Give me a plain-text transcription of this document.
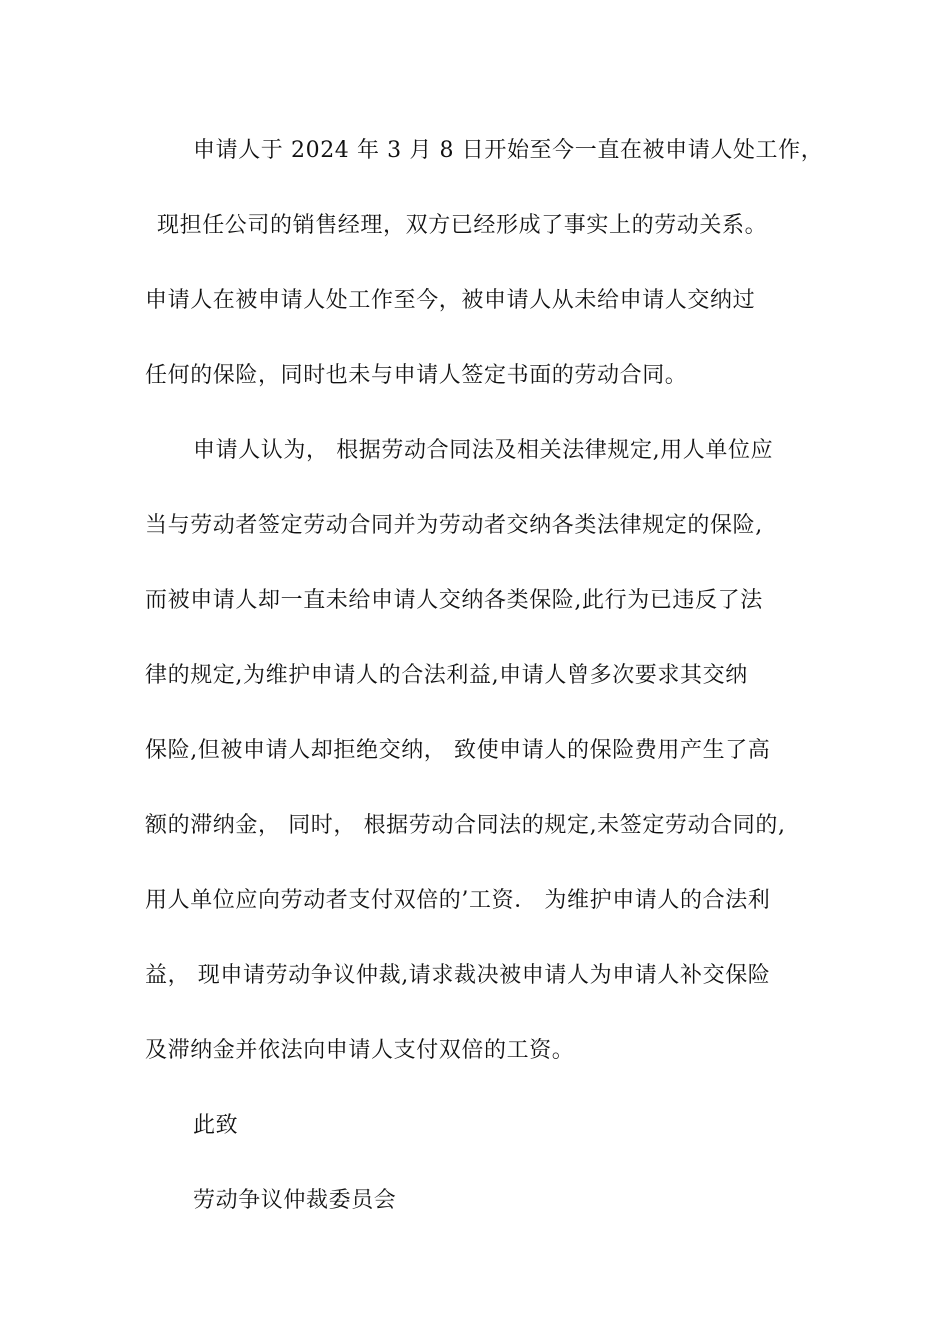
申请人于 2024 年 3 月 8 日开始至今一直在被申请人处工作，
现担任公司的销售经理，双方已经形成了事实上的劳动关系。
申请人在被申请人处工作至今，被申请人从未给申请人交纳过
任何的保险，同时也未与申请人签定书面的劳动合同。
申请人认为， 根据劳动合同法及相关法律规定,用人单位应
当与劳动者签定劳动合同并为劳动者交纳各类法律规定的保险,
而被申请人却一直未给申请人交纳各类保险,此行为已违反了法
律的规定,为维护申请人的合法利益,申请人曾多次要求其交纳
保险,但被申请人却拒绝交纳， 致使申请人的保险费用产生了高
额的滞纳金， 同时， 根据劳动合同法的规定,未签定劳动合同的,
用人单位应向劳动者支付双倍的’工资． 为维护申请人的合法利
益， 现申请劳动争议仲裁,请求裁决被申请人为申请人补交保险
及滞纳金并依法向申请人支付双倍的工资。
此致
劳动争议仲裁委员会
